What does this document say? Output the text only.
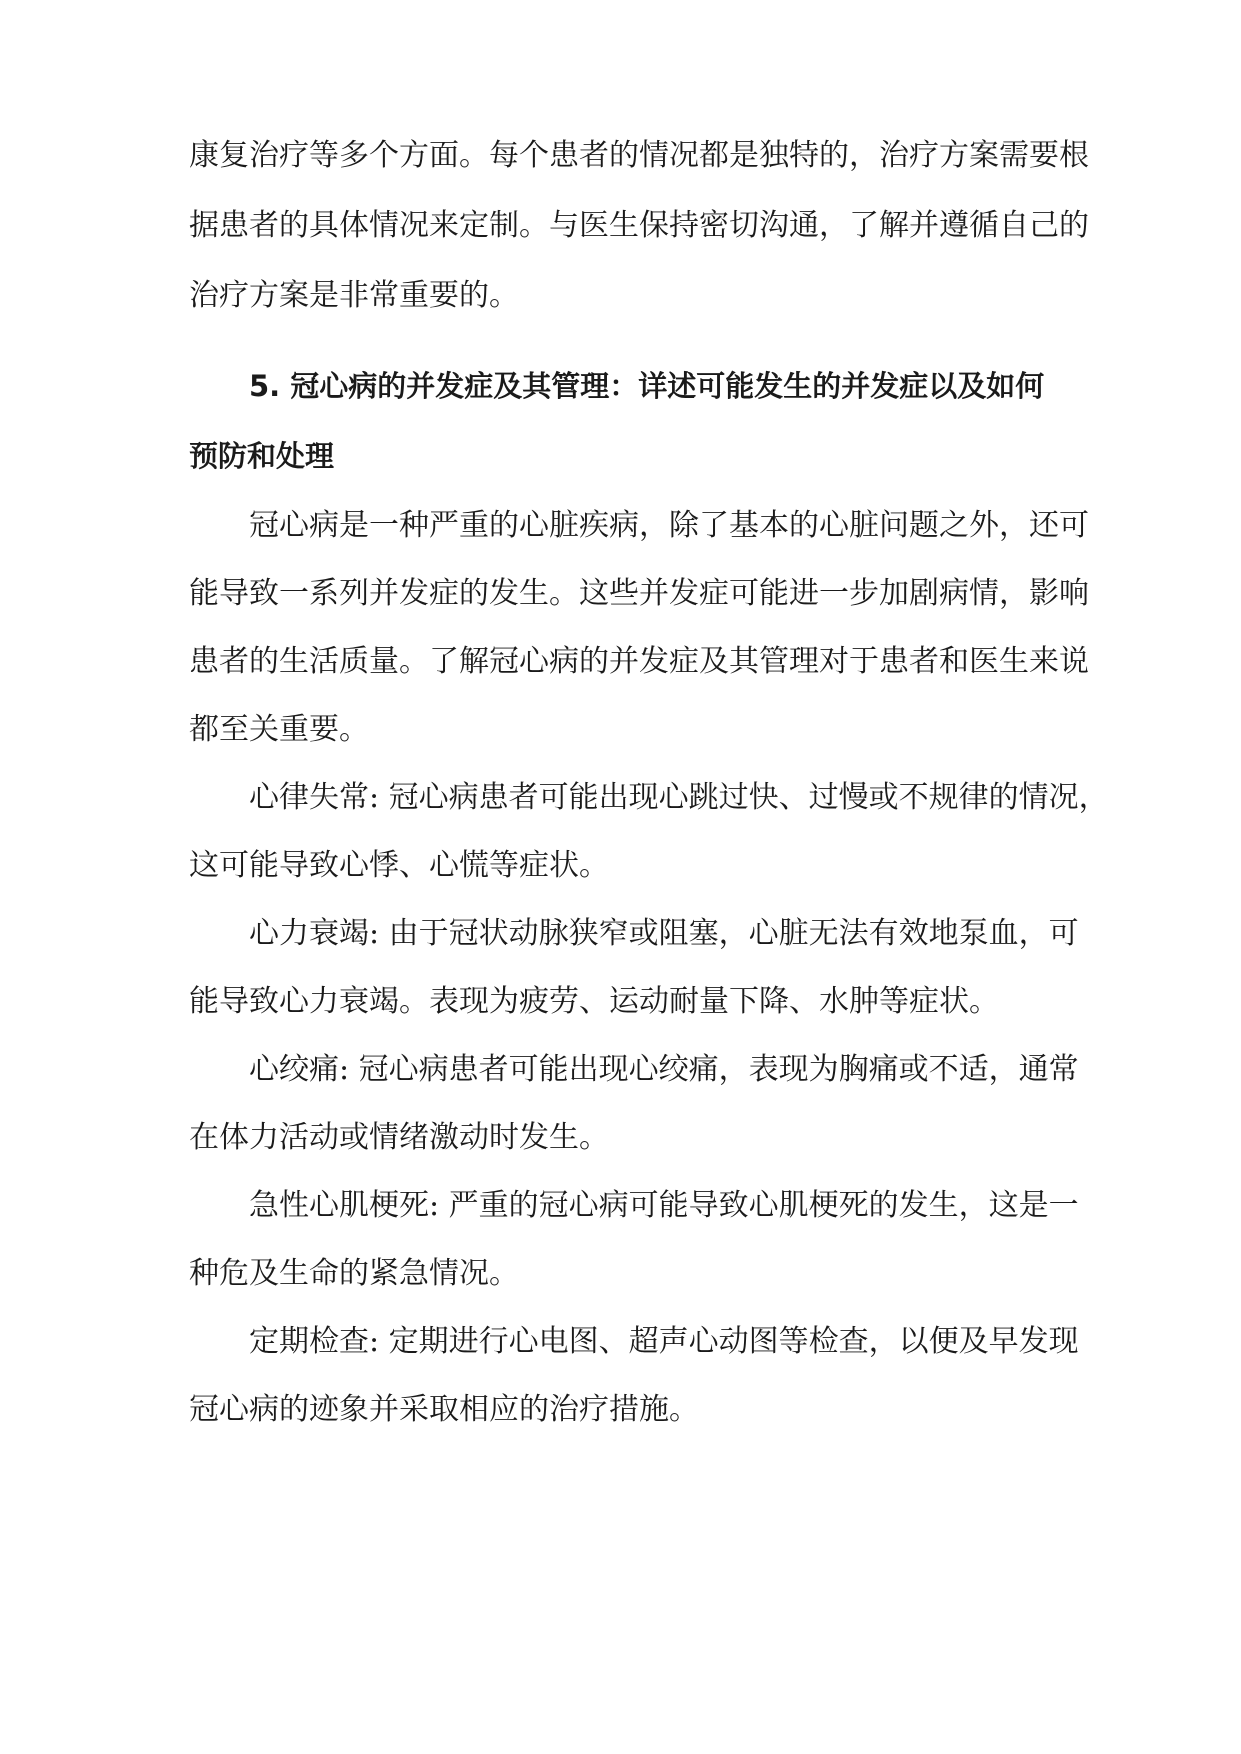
康复治疗等多个方面。每个患者的情况都是独特的，治疗方案需要根
据患者的具体情况来定制。与医生保持密切沟通，了解并遵循自己的
治疗方案是非常重要的。
5. 冠心病的并发症及其管理：详述可能发生的并发症以及如何
预防和处理
冠心病是一种严重的心脏疾病，除了基本的心脏问题之外，还可
能导致一系列并发症的发生。这些并发症可能进一步加剧病情，影响
患者的生活质量。了解冠心病的并发症及其管理对于患者和医生来说
都至关重要。
心律失常: 冠心病患者可能出现心跳过快、过慢或不规律的情况，
这可能导致心悸、心慌等症状。
心力衰竭: 由于冠状动脉狭窄或阻塞，心脏无法有效地泵血，可
能导致心力衰竭。表现为疲劳、运动耐量下降、水肿等症状。
心绞痛: 冠心病患者可能出现心绞痛，表现为胸痛或不适，通常
在体力活动或情绪激动时发生。
急性心肌梗死: 严重的冠心病可能导致心肌梗死的发生，这是一
种危及生命的紧急情况。
定期检查: 定期进行心电图、超声心动图等检查，以便及早发现
冠心病的迹象并采取相应的治疗措施。
